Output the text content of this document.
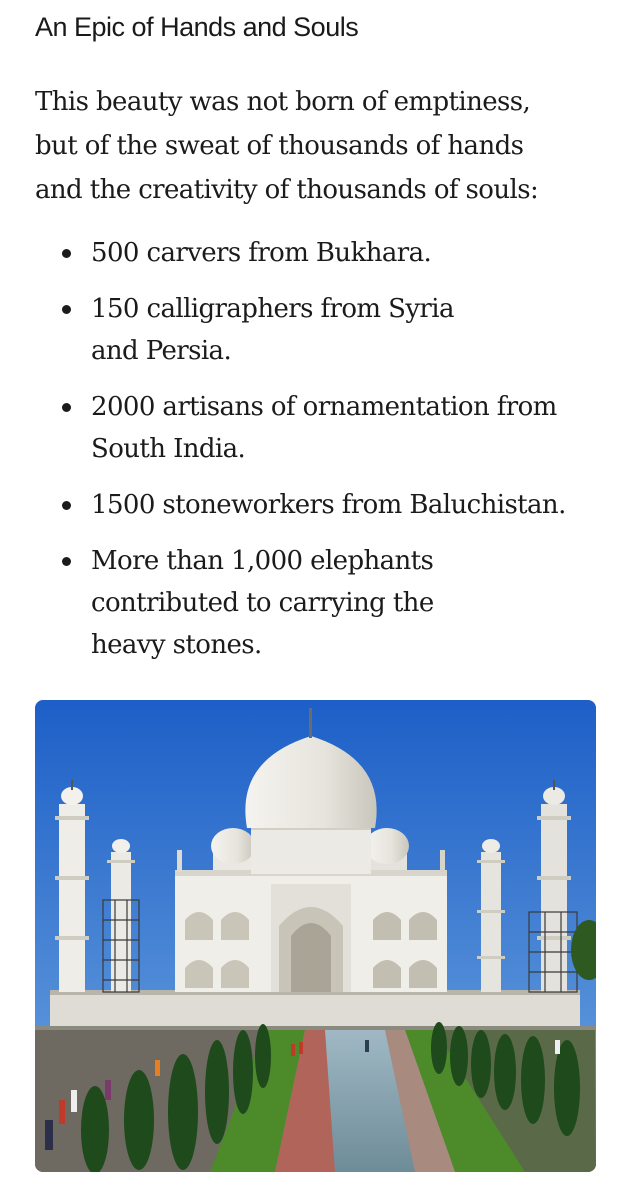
An Epic of Hands and Souls

This beauty was not born of emptiness,
but of the sweat of thousands of hands
and the creativity of thousands of souls:

500 carvers from Bukhara.
150 calligraphers from Syria
and Persia.
2000 artisans of ornamentation from
South India.
1500 stoneworkers from Baluchistan.
More than 1,000 elephants
contributed to carrying the
heavy stones.
